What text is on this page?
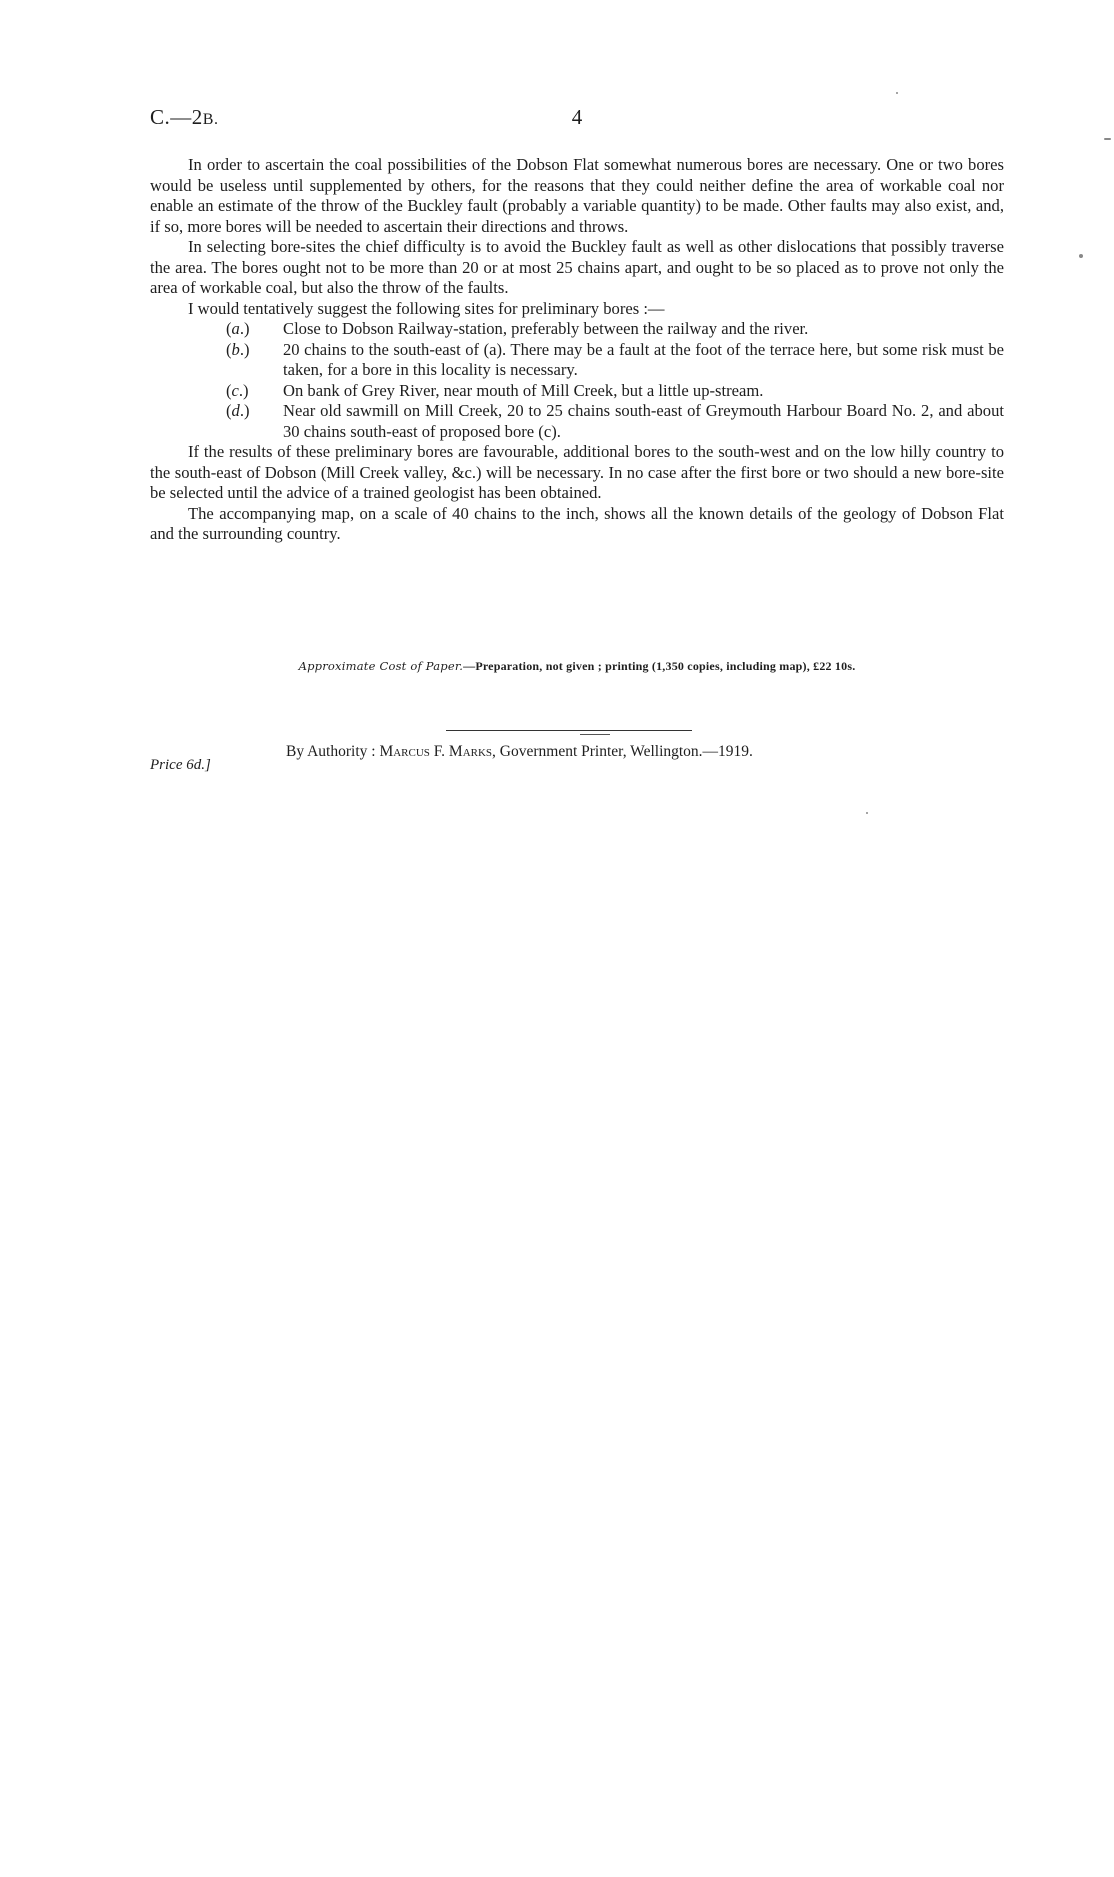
C.—2B.	4

In order to ascertain the coal possibilities of the Dobson Flat somewhat numerous bores are necessary. One or two bores would be useless until supplemented by others, for the reasons that they could neither define the area of workable coal nor enable an estimate of the throw of the Buckley fault (probably a variable quantity) to be made. Other faults may also exist, and, if so, more bores will be needed to ascertain their directions and throws.

In selecting bore-sites the chief difficulty is to avoid the Buckley fault as well as other dislocations that possibly traverse the area. The bores ought not to be more than 20 or at most 25 chains apart, and ought to be so placed as to prove not only the area of workable coal, but also the throw of the faults.

I would tentatively suggest the following sites for preliminary bores :—

(a.) Close to Dobson Railway-station, preferably between the railway and the river.
(b.) 20 chains to the south-east of (a). There may be a fault at the foot of the terrace here, but some risk must be taken, for a bore in this locality is necessary.
(c.) On bank of Grey River, near mouth of Mill Creek, but a little up-stream.
(d.) Near old sawmill on Mill Creek, 20 to 25 chains south-east of Greymouth Harbour Board No. 2, and about 30 chains south-east of proposed bore (c).

If the results of these preliminary bores are favourable, additional bores to the south-west and on the low hilly country to the south-east of Dobson (Mill Creek valley, &c.) will be necessary. In no case after the first bore or two should a new bore-site be selected until the advice of a trained geologist has been obtained.

The accompanying map, on a scale of 40 chains to the inch, shows all the known details of the geology of Dobson Flat and the surrounding country.

Approximate Cost of Paper.—Preparation, not given ; printing (1,350 copies, including map), £22 10s.
Price 6d.]
By Authority : Marcus F. Marks, Government Printer, Wellington.—1919.
